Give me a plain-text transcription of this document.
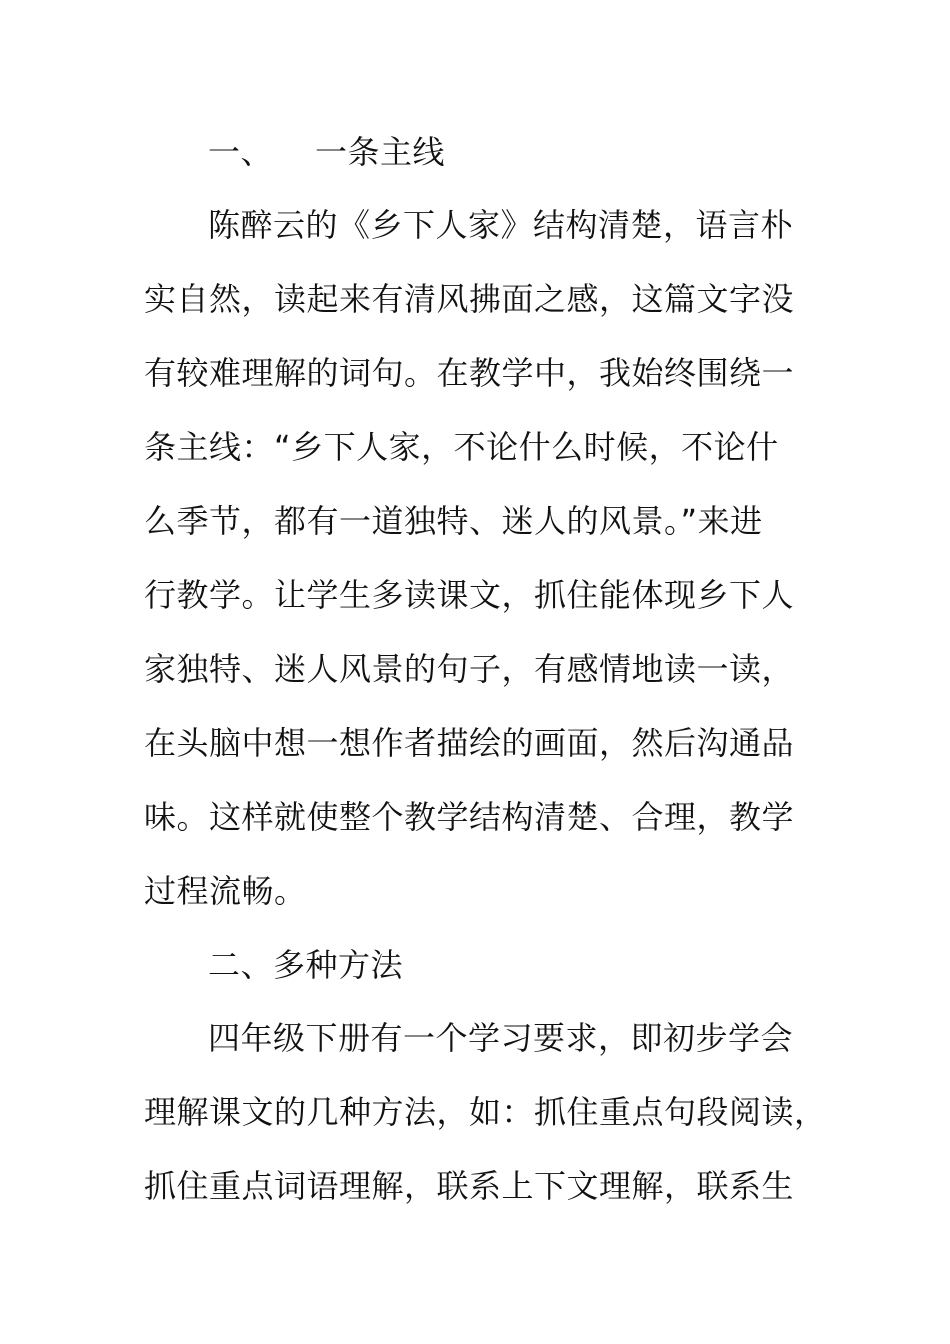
一、 一条主线
陈醉云的《乡下人家》结构清楚，语言朴
实自然，读起来有清风拂面之感，这篇文字没
有较难理解的词句。在教学中，我始终围绕一
条主线：“乡下人家，不论什么时候，不论什
么季节，都有一道独特、迷人的风景。”来进
行教学。让学生多读课文，抓住能体现乡下人
家独特、迷人风景的句子，有感情地读一读，
在头脑中想一想作者描绘的画面，然后沟通品
味。这样就使整个教学结构清楚、合理，教学
过程流畅。
二、多种方法
四年级下册有一个学习要求，即初步学会
理解课文的几种方法，如：抓住重点句段阅读，
抓住重点词语理解，联系上下文理解，联系生
